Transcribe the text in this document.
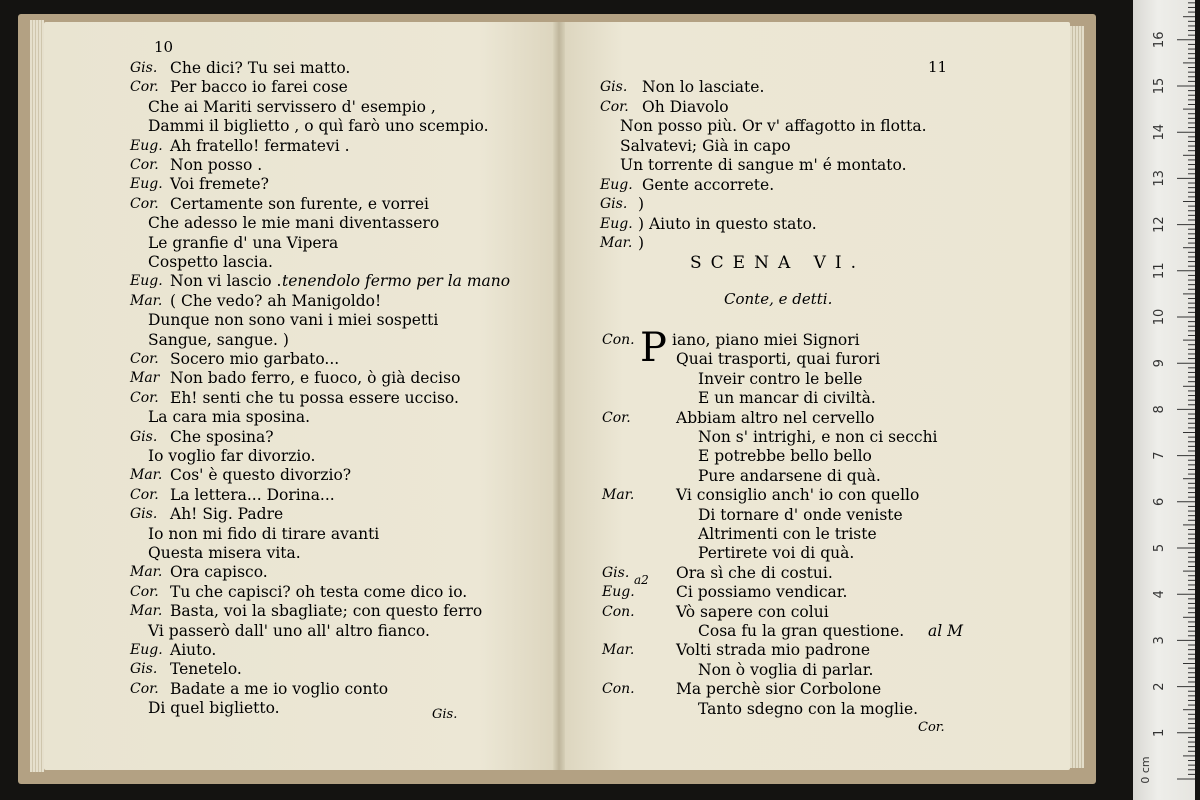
Gis. Che dici? Tu sei matto.
Cor. Per bacco io farei cose
Che ai Mariti servissero d' esempio ,
Dammi il biglietto , o quì farò uno scempio.
Eug. Ah fratello! fermatevi .
Cor. Non posso .
Eug. Voi fremete?
Cor. Certamente son furente, e vorrei
Che adesso le mie mani diventassero
Le granfie d' una Vipera
Cospetto lascia.
Eug. Non vi lascio . tenendolo fermo per la mano
Mar. ( Che vedo? ah Manigoldo!
Dunque non sono vani i miei sospetti
Sangue, sangue. )
Cor. Socero mio garbato...
Mar Non bado ferro, e fuoco, ò già deciso
Cor. Eh! senti che tu possa essere ucciso.
La cara mia sposina.
Gis. Che sposina?
Io voglio far divorzio.
Mar. Cos' è questo divorzio?
Cor. La lettera... Dorina...
Gis. Ah! Sig. Padre
Io non mi fido di tirare avanti
Questa misera vita.
Mar. Ora capisco.
Cor. Tu che capisci? oh testa come dico io.
Mar. Basta, voi la sbagliate; con questo ferro
Vi passerò dall' uno all' altro fianco.
Eug. Aiuto.
Gis. Tenetelo.
Cor. Badate a me io voglio conto
Di quel biglietto.
Gis. Non lo lasciate.
Cor. Oh Diavolo
Non posso più. Or v' affagotto in flotta.
Salvatevi; Già in capo
Un torrente di sangue m' é montato.
Eug. Gente accorrete.
Gis. )
Eug. ) Aiuto in questo stato.
Mar. )
Con. iano, piano miei Signori
Quai trasporti, quai furori
Inveir contro le belle
E un mancar di civiltà.
Cor.	Abbiam altro nel cervello
Non s' intrighi, e non ci secchi
E potrebbe bello bello
Pure andarsene di quà.
Mar.	Vi consiglio anch' io con quello
Di tornare d' onde veniste
Altrimenti con le triste
Pertirete voi di quà.
Gis.	Ora sì che di costui.
Eug.	Ci possiamo vendicar.
Con.	Vò sapere con colui
Cosa fu la gran questione. al M
Mar.	Volti strada mio padrone
Non ò voglia di parlar.
Con.	Ma perchè sior Corbolone
Tanto sdegno con la moglie.
10
11
SCENA VI.
Conte, e detti.
P
a2
Gis.
Cor.	1
2
3
4
5
6
7
8
9
10
11
12
13
14
15
16
0 cm
